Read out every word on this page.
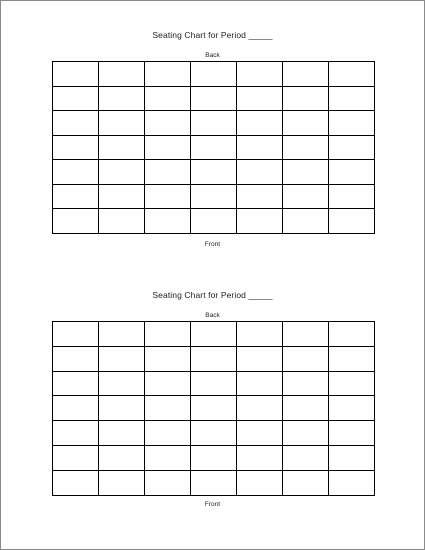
Seating Chart for Period _____
Back

Front
Seating Chart for Period _____
Back

Front
